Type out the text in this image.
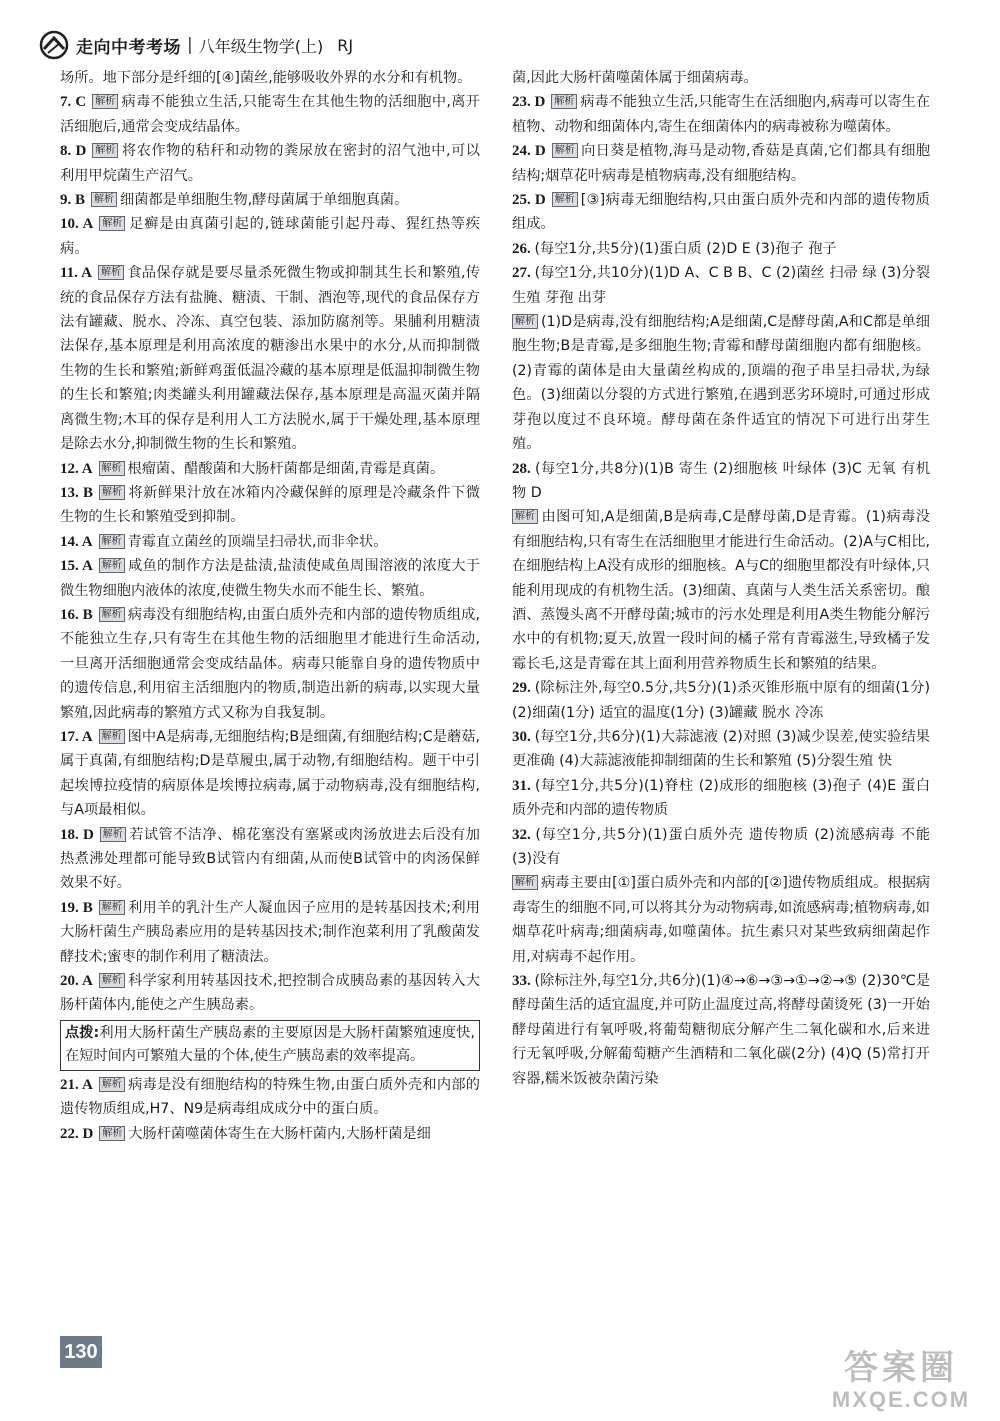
走向中考考场 | 八年级生物学(上) RJ

场所。地下部分是纤细的[④]菌丝,能够吸收外界的水分和有机物。

7. C 解析 病毒不能独立生活,只能寄生在其他生物的活细胞中,离开活细胞后,通常会变成结晶体。

8. D 解析 将农作物的秸秆和动物的粪尿放在密封的沼气池中,可以利用甲烷菌生产沼气。

9. B 解析 细菌都是单细胞生物,酵母菌属于单细胞真菌。

10. A 解析 足癣是由真菌引起的,链球菌能引起丹毒、猩红热等疾病。

11. A 解析 食品保存就是要尽量杀死微生物或抑制其生长和繁殖,传统的食品保存方法有盐腌、糖渍、干制、酒泡等,现代的食品保存方法有罐藏、脱水、冷冻、真空包装、添加防腐剂等。果脯利用糖渍法保存,基本原理是利用高浓度的糖渗出水果中的水分,从而抑制微生物的生长和繁殖;新鲜鸡蛋低温冷藏的基本原理是低温抑制微生物的生长和繁殖;肉类罐头利用罐藏法保存,基本原理是高温灭菌并隔离微生物;木耳的保存是利用人工方法脱水,属于干燥处理,基本原理是除去水分,抑制微生物的生长和繁殖。

12. A 解析 根瘤菌、醋酸菌和大肠杆菌都是细菌,青霉是真菌。

13. B 解析 将新鲜果汁放在冰箱内冷藏保鲜的原理是冷藏条件下微生物的生长和繁殖受到抑制。

14. A 解析 青霉直立菌丝的顶端呈扫帚状,而非伞状。

15. A 解析 咸鱼的制作方法是盐渍,盐渍使咸鱼周围溶液的浓度大于微生物细胞内液体的浓度,使微生物失水而不能生长、繁殖。

16. B 解析 病毒没有细胞结构,由蛋白质外壳和内部的遗传物质组成,不能独立生存,只有寄生在其他生物的活细胞里才能进行生命活动,一旦离开活细胞通常会变成结晶体。病毒只能靠自身的遗传物质中的遗传信息,利用宿主活细胞内的物质,制造出新的病毒,以实现大量繁殖,因此病毒的繁殖方式又称为自我复制。

17. A 解析 图中A是病毒,无细胞结构;B是细菌,有细胞结构;C是蘑菇,属于真菌,有细胞结构;D是草履虫,属于动物,有细胞结构。题干中引起埃博拉疫情的病原体是埃博拉病毒,属于动物病毒,没有细胞结构,与A项最相似。

18. D 解析 若试管不洁净、棉花塞没有塞紧或肉汤放进去后没有加热煮沸处理都可能导致B试管内有细菌,从而使B试管中的肉汤保鲜效果不好。

19. B 解析 利用羊的乳汁生产人凝血因子应用的是转基因技术;利用大肠杆菌生产胰岛素应用的是转基因技术;制作泡菜利用了乳酸菌发酵技术;蜜枣的制作利用了糖渍法。

20. A 解析 科学家利用转基因技术,把控制合成胰岛素的基因转入大肠杆菌体内,能使之产生胰岛素。

点拨:利用大肠杆菌生产胰岛素的主要原因是大肠杆菌繁殖速度快,在短时间内可繁殖大量的个体,使生产胰岛素的效率提高。

21. A 解析 病毒是没有细胞结构的特殊生物,由蛋白质外壳和内部的遗传物质组成,H7、N9是病毒组成成分中的蛋白质。

22. D 解析 大肠杆菌噬菌体寄生在大肠杆菌内,大肠杆菌是细

菌,因此大肠杆菌噬菌体属于细菌病毒。

23. D 解析 病毒不能独立生活,只能寄生在活细胞内,病毒可以寄生在植物、动物和细菌体内,寄生在细菌体内的病毒被称为噬菌体。

24. D 解析 向日葵是植物,海马是动物,香菇是真菌,它们都具有细胞结构;烟草花叶病毒是植物病毒,没有细胞结构。

25. D 解析 [③]病毒无细胞结构,只由蛋白质外壳和内部的遗传物质组成。

26. (每空1分,共5分)(1)蛋白质 (2)D E (3)孢子 孢子

27. (每空1分,共10分)(1)D A、C B B、C (2)菌丝 扫帚 绿 (3)分裂生殖 芽孢 出芽

解析 (1)D是病毒,没有细胞结构;A是细菌,C是酵母菌,A和C都是单细胞生物;B是青霉,是多细胞生物;青霉和酵母菌细胞内都有细胞核。(2)青霉的菌体是由大量菌丝构成的,顶端的孢子串呈扫帚状,为绿色。(3)细菌以分裂的方式进行繁殖,在遇到恶劣环境时,可通过形成芽孢以度过不良环境。酵母菌在条件适宜的情况下可进行出芽生殖。

28. (每空1分,共8分)(1)B 寄生 (2)细胞核 叶绿体 (3)C 无氧 有机物 D

解析 由图可知,A是细菌,B是病毒,C是酵母菌,D是青霉。(1)病毒没有细胞结构,只有寄生在活细胞里才能进行生命活动。(2)A与C相比,在细胞结构上A没有成形的细胞核。A与C的细胞里都没有叶绿体,只能利用现成的有机物生活。(3)细菌、真菌与人类生活关系密切。酿酒、蒸馒头离不开酵母菌;城市的污水处理是利用A类生物能分解污水中的有机物;夏天,放置一段时间的橘子常有青霉滋生,导致橘子发霉长毛,这是青霉在其上面利用营养物质生长和繁殖的结果。

29. (除标注外,每空0.5分,共5分)(1)杀灭锥形瓶中原有的细菌(1分) (2)细菌(1分) 适宜的温度(1分) (3)罐藏 脱水 冷冻

30. (每空1分,共6分)(1)大蒜滤液 (2)对照 (3)减少误差,使实验结果更准确 (4)大蒜滤液能抑制细菌的生长和繁殖 (5)分裂生殖 快

31. (每空1分,共5分)(1)脊柱 (2)成形的细胞核 (3)孢子 (4)E 蛋白质外壳和内部的遗传物质

32. (每空1分,共5分)(1)蛋白质外壳 遗传物质 (2)流感病毒 不能 (3)没有

解析 病毒主要由[①]蛋白质外壳和内部的[②]遗传物质组成。根据病毒寄生的细胞不同,可以将其分为动物病毒,如流感病毒;植物病毒,如烟草花叶病毒;细菌病毒,如噬菌体。抗生素只对某些致病细菌起作用,对病毒不起作用。

33. (除标注外,每空1分,共6分)(1)④→⑥→③→①→②→⑤ (2)30℃是酵母菌生活的适宜温度,并可防止温度过高,将酵母菌烫死 (3)一开始酵母菌进行有氧呼吸,将葡萄糖彻底分解产生二氧化碳和水,后来进行无氧呼吸,分解葡萄糖产生酒精和二氧化碳(2分) (4)Q (5)常打开容器,糯米饭被杂菌污染

130	答案圈
MXQE.COM
